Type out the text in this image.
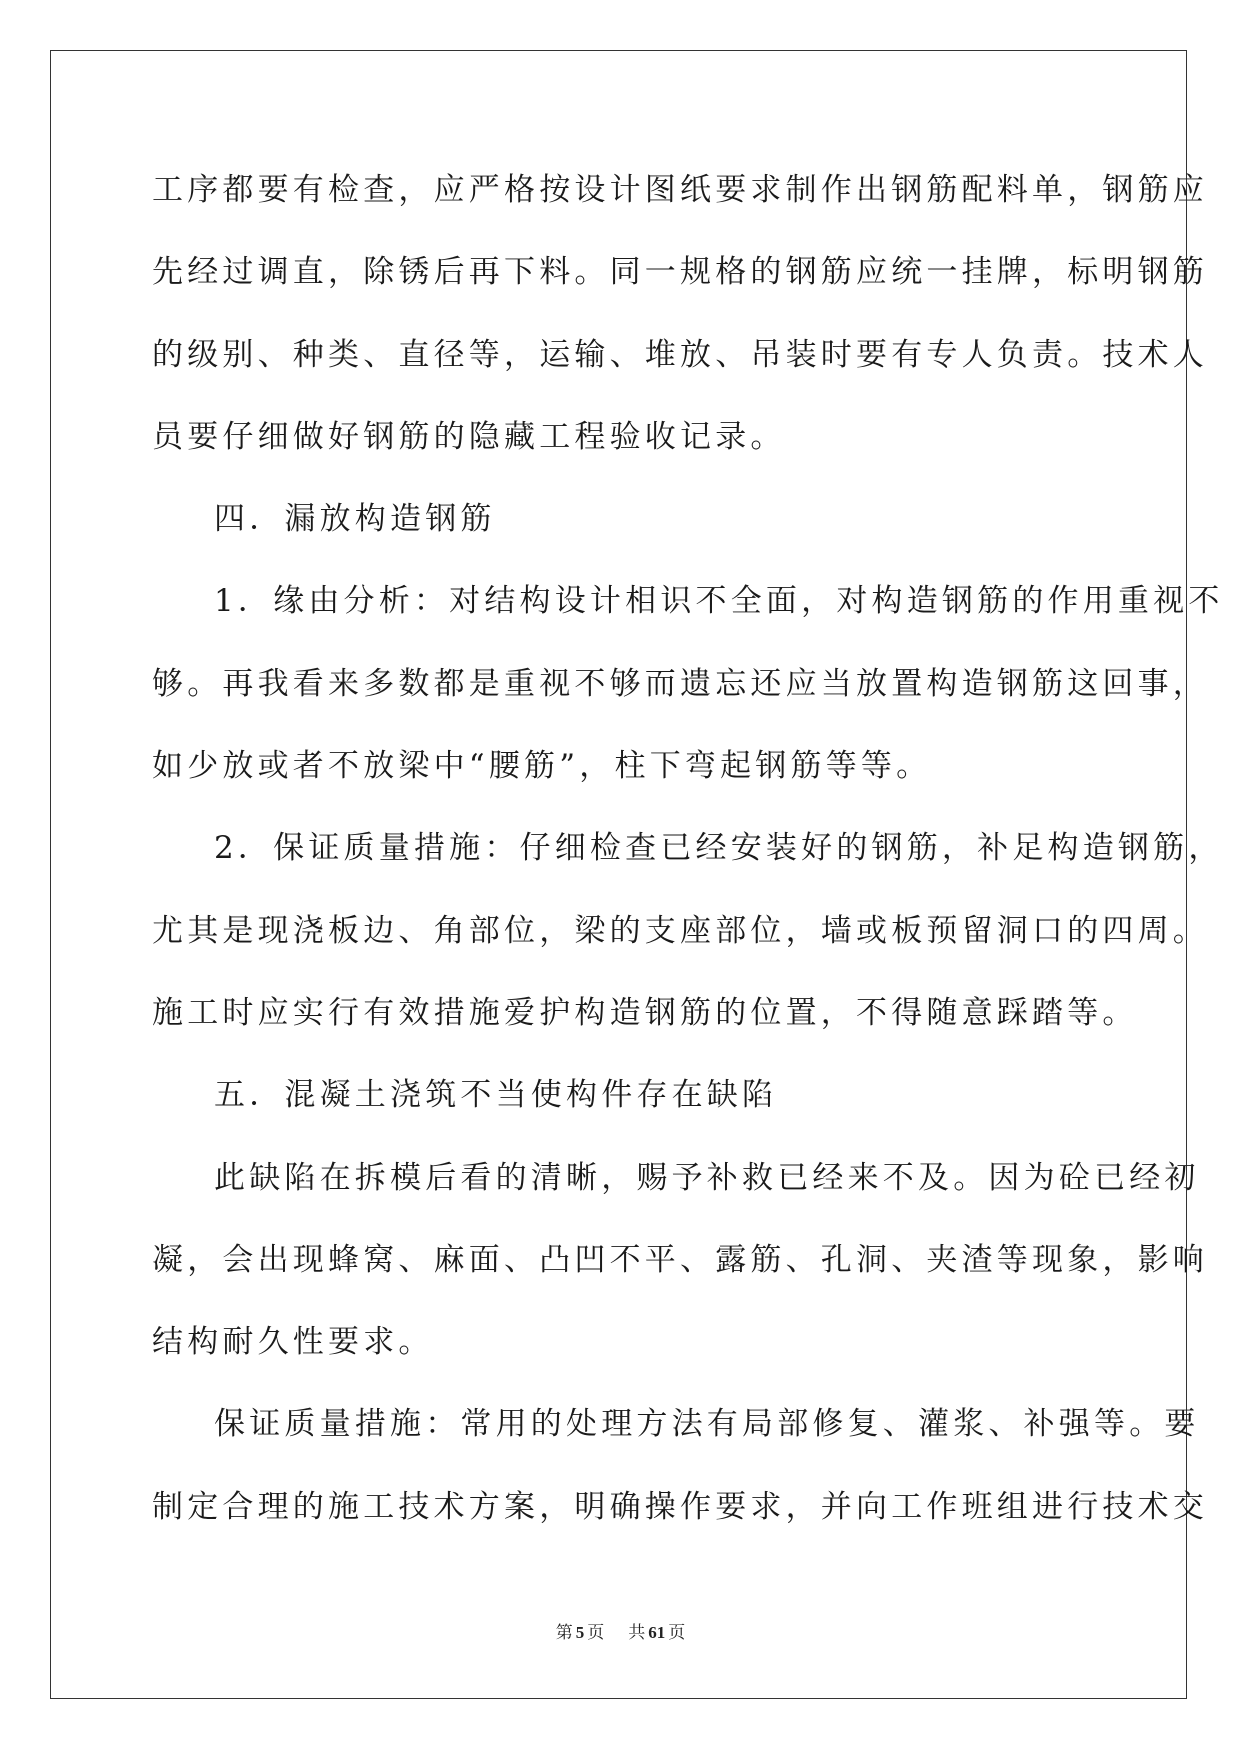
工序都要有检查，应严格按设计图纸要求制作出钢筋配料单，钢筋应
先经过调直，除锈后再下料。同一规格的钢筋应统一挂牌，标明钢筋
的级别、种类、直径等，运输、堆放、吊装时要有专人负责。技术人
员要仔细做好钢筋的隐藏工程验收记录。
四．漏放构造钢筋
1．缘由分析：对结构设计相识不全面，对构造钢筋的作用重视不
够。再我看来多数都是重视不够而遗忘还应当放置构造钢筋这回事，
如少放或者不放梁中“腰筋”，柱下弯起钢筋等等。
2．保证质量措施：仔细检查已经安装好的钢筋，补足构造钢筋，
尤其是现浇板边、角部位，梁的支座部位，墙或板预留洞口的四周。
施工时应实行有效措施爱护构造钢筋的位置，不得随意踩踏等。
五．混凝土浇筑不当使构件存在缺陷
此缺陷在拆模后看的清晰，赐予补救已经来不及。因为砼已经初
凝，会出现蜂窝、麻面、凸凹不平、露筋、孔洞、夹渣等现象，影响
结构耐久性要求。
保证质量措施：常用的处理方法有局部修复、灌浆、补强等。要
制定合理的施工技术方案，明确操作要求，并向工作班组进行技术交
第 5 页 共 61 页
